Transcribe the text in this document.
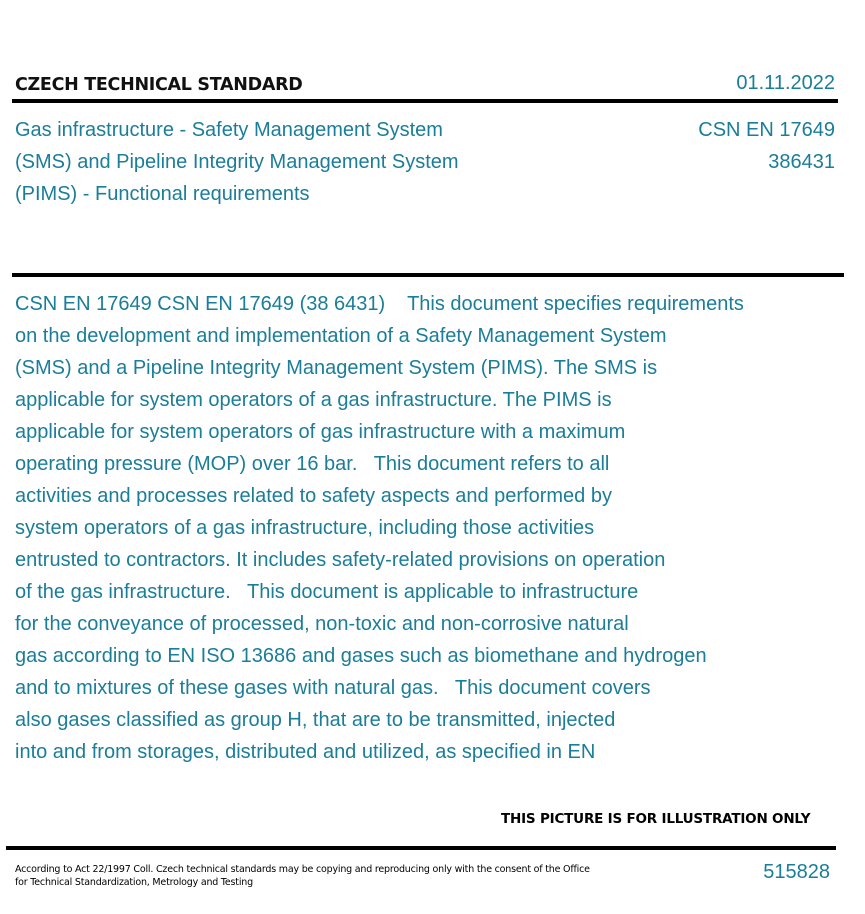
CZECH TECHNICAL STANDARD	01.11.2022
Gas infrastructure - Safety Management System
(SMS) and Pipeline Integrity Management System
(PIMS) - Functional requirements
CSN EN 17649
386431
CSN EN 17649 CSN EN 17649 (38 6431)    This document specifies requirements
on the development and implementation of a Safety Management System
(SMS) and a Pipeline Integrity Management System (PIMS). The SMS is
applicable for system operators of a gas infrastructure. The PIMS is
applicable for system operators of gas infrastructure with a maximum
operating pressure (MOP) over 16 bar.   This document refers to all
activities and processes related to safety aspects and performed by
system operators of a gas infrastructure, including those activities
entrusted to contractors. It includes safety-related provisions on operation
of the gas infrastructure.   This document is applicable to infrastructure
for the conveyance of processed, non-toxic and non-corrosive natural
gas according to EN ISO 13686 and gases such as biomethane and hydrogen
and to mixtures of these gases with natural gas.   This document covers
also gases classified as group H, that are to be transmitted, injected
into and from storages, distributed and utilized, as specified in EN
THIS PICTURE IS FOR ILLUSTRATION ONLY
According to Act 22/1997 Coll. Czech technical standards may be copying and reproducing only with the consent of the Office
for Technical Standardization, Metrology and Testing	515828
